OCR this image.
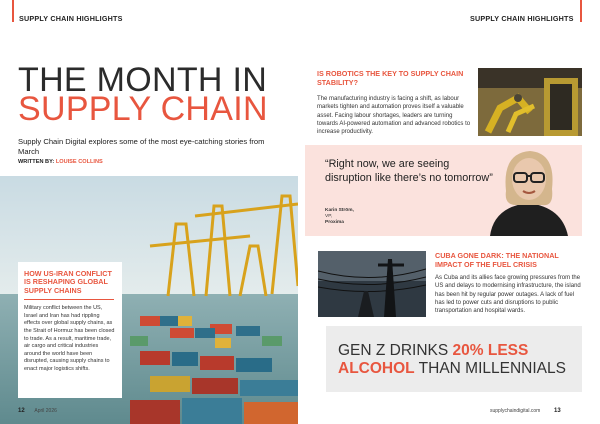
SUPPLY CHAIN HIGHLIGHTS	SUPPLY CHAIN HIGHLIGHTS
THE MONTH IN
SUPPLY CHAIN
Supply Chain Digital explores some of the most eye-catching stories from March
WRITTEN BY: LOUISE COLLINS
HOW US-IRAN CONFLICT IS RESHAPING GLOBAL SUPPLY CHAINS

Military conflict between the US, Israel and Iran has had rippling effects over global supply chains, as the Strait of Hormuz has been closed to trade. As a result, maritime trade, air cargo and critical industries around the world have been disrupted, causing supply chains to enact major logistics shifts.

12 April 2026
IS ROBOTICS THE KEY TO SUPPLY CHAIN STABILITY?
The manufacturing industry is facing a shift, as labour markets tighten and automation proves itself a valuable asset. Facing labour shortages, leaders are turning towards AI-powered automation and advanced robotics to increase productivity.
“Right now, we are seeing disruption like there’s no tomorrow”
Karin Ström,
VP,
Proxima
CUBA GONE DARK: THE NATIONAL IMPACT OF THE FUEL CRISIS
As Cuba and its allies face growing pressures from the US and delays to modernising infrastructure, the island has been hit by regular power outages. A lack of fuel has led to power cuts and disruptions to public transportation and hospital wards.
GEN Z DRINKS 20% LESS
ALCOHOL THAN MILLENNIALS
supplychaindigital.com 13
